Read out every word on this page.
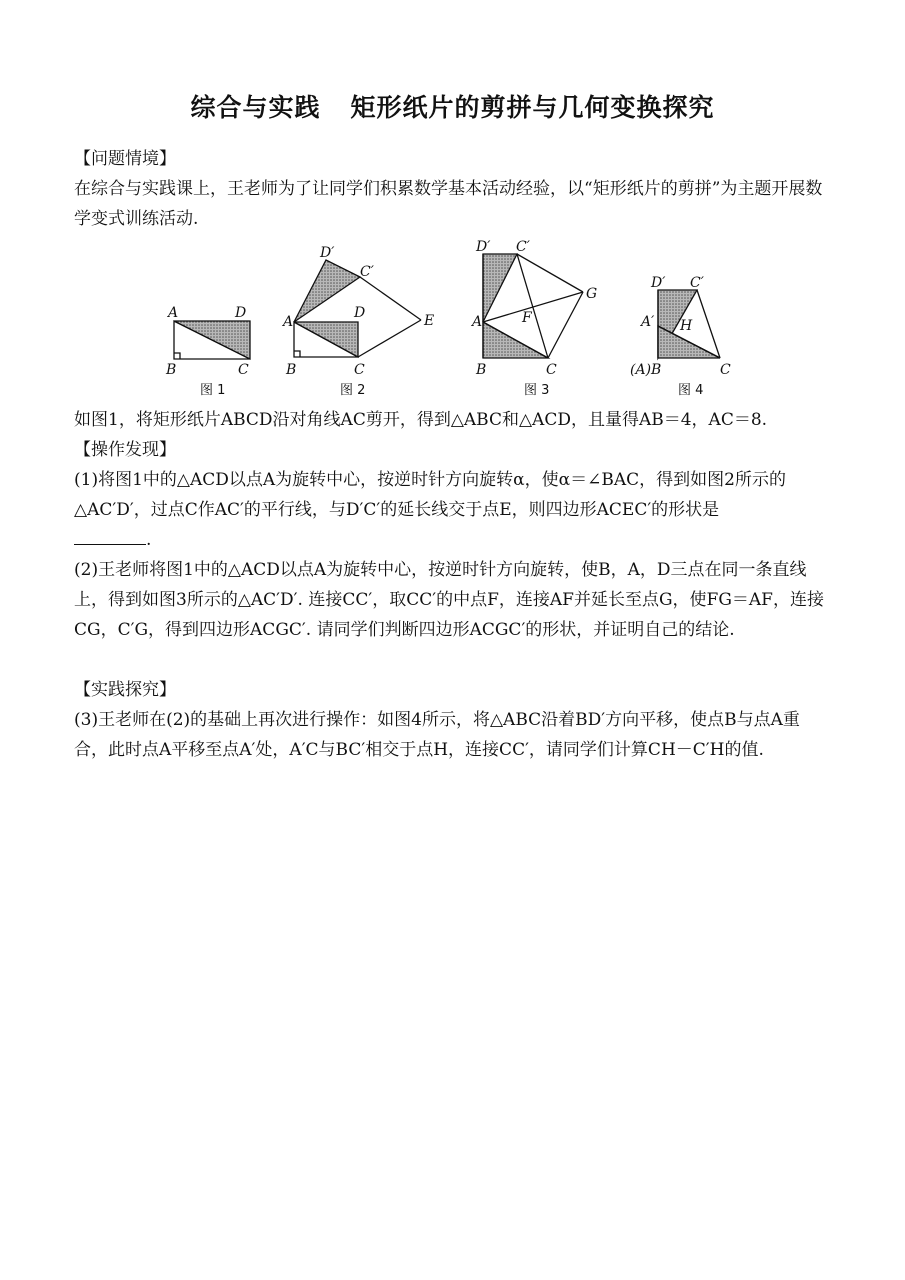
综合与实践 矩形纸片的剪拼与几何变换探究

【问题情境】

在综合与实践课上，王老师为了让同学们积累数学基本活动经验，以“矩形纸片的剪拼”为主题开展数学变式训练活动.

A	D
B	C
图 1
A
D
B	C
D′
C′
E
图 2
D′ C′
A	F
G
B	C
图 3
D′ C′
A′ H
(A)B	C
图 4

如图1，将矩形纸片ABCD沿对角线AC剪开，得到△ABC和△ACD，且量得AB＝4，AC＝8.

【操作发现】

(1)将图1中的△ACD以点A为旋转中心，按逆时针方向旋转α，使α＝∠BAC，得到如图2所示的△AC′D′，过点C作AC′的平行线，与D′C′的延长线交于点E，则四边形ACEC′的形状是
.

(2)王老师将图1中的△ACD以点A为旋转中心，按逆时针方向旋转，使B，A，D三点在同一条直线上，得到如图3所示的△AC′D′. 连接CC′，取CC′的中点F，连接AF并延长至点G，使FG＝AF，连接CG，C′G，得到四边形ACGC′. 请同学们判断四边形ACGC′的形状，并证明自己的结论.

【实践探究】

(3)王老师在(2)的基础上再次进行操作：如图4所示，将△ABC沿着BD′方向平移，使点B与点A重合，此时点A平移至点A′处，A′C与BC′相交于点H，连接CC′，请同学们计算CH－C′H的值.
